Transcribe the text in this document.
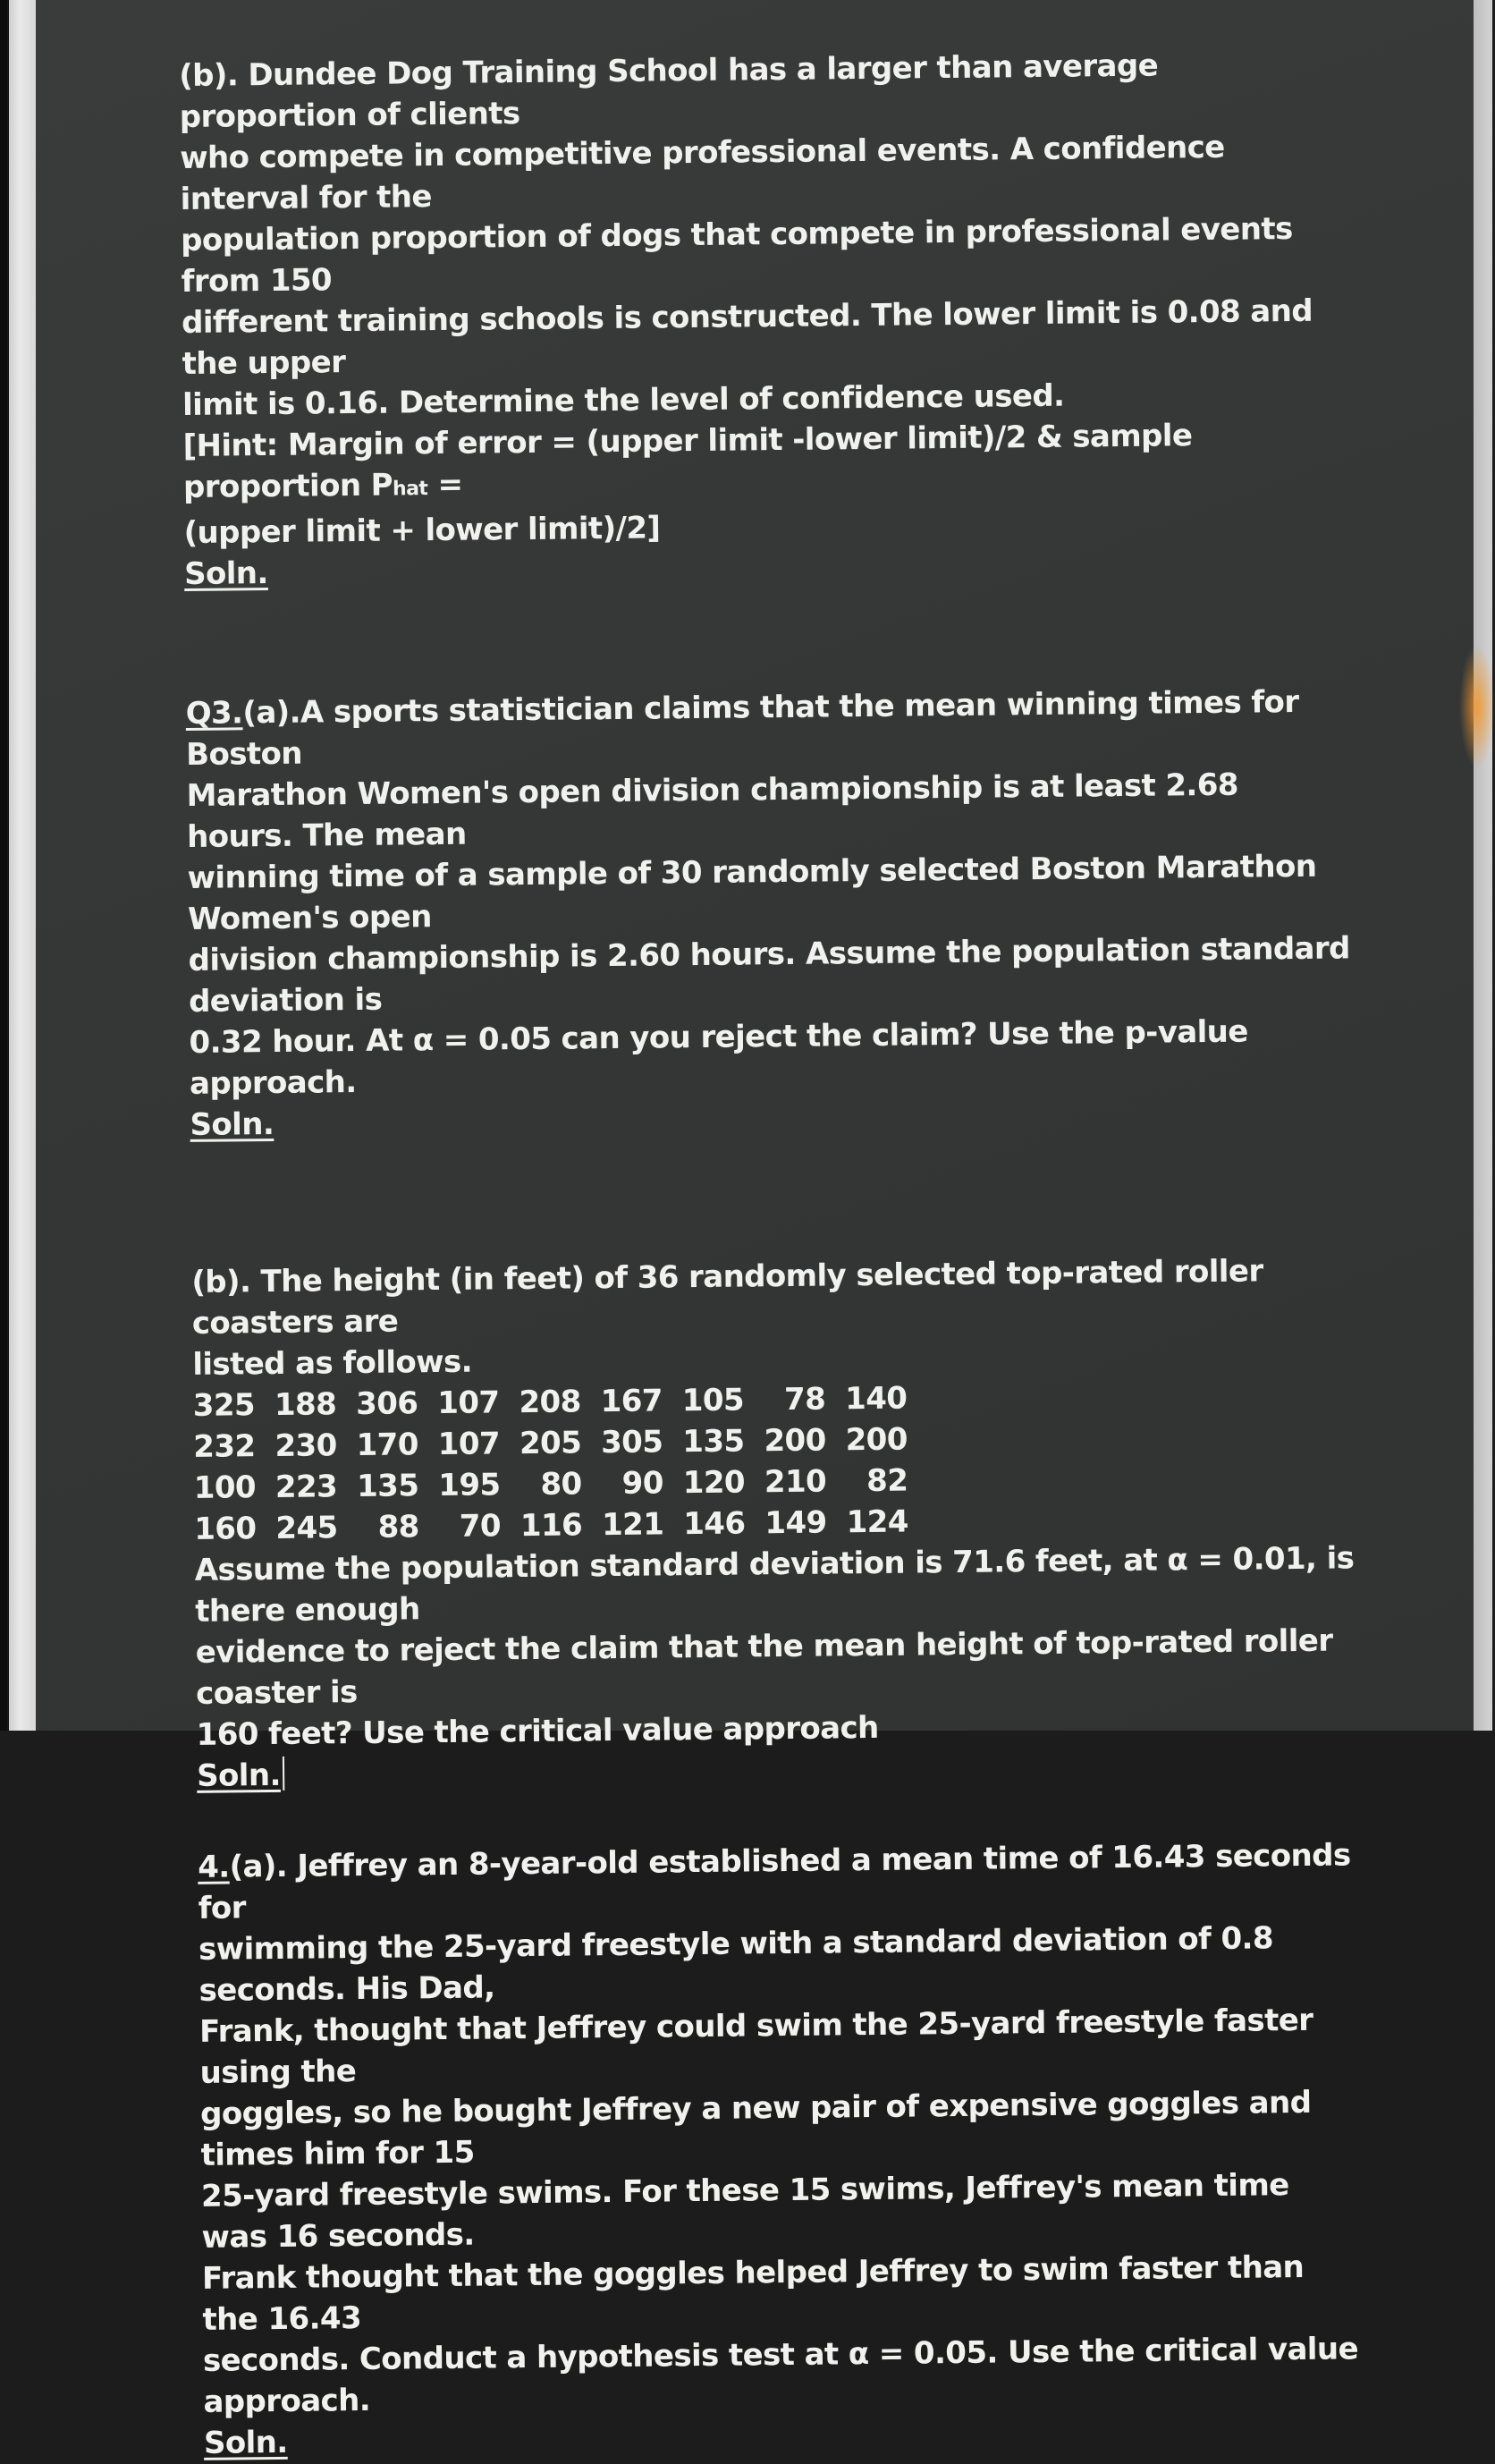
(b). Dundee Dog Training School has a larger than average proportion of clients

who compete in competitive professional events. A confidence interval for the

population proportion of dogs that compete in professional events from 150

different training schools is constructed. The lower limit is 0.08 and the upper

limit is 0.16. Determine the level of confidence used.

[Hint: Margin of error = (upper limit -lower limit)/2 & sample proportion Phat =

(upper limit + lower limit)/2]

Soln.

Q3.(a).A sports statistician claims that the mean winning times for Boston

Marathon Women's open division championship is at least 2.68 hours. The mean

winning time of a sample of 30 randomly selected Boston Marathon Women's open

division championship is 2.60 hours. Assume the population standard deviation is

0.32 hour. At α = 0.05 can you reject the claim? Use the p-value approach.

Soln.

(b). The height (in feet) of 36 randomly selected top-rated roller coasters are

listed as follows.

325	188	306	107	208	167	105	78	140
232	230	170	107	205	305	135	200	200
100	223	135	195	80	90	120	210	82
160	245	88	70	116	121	146	149	124

Assume the population standard deviation is 71.6 feet, at α = 0.01, is there enough

evidence to reject the claim that the mean height of top-rated roller coaster is

160 feet? Use the critical value approach

Soln.

4.(a). Jeffrey an 8-year-old established a mean time of 16.43 seconds for

swimming the 25-yard freestyle with a standard deviation of 0.8 seconds. His Dad,

Frank, thought that Jeffrey could swim the 25-yard freestyle faster using the

goggles, so he bought Jeffrey a new pair of expensive goggles and times him for 15

25-yard freestyle swims. For these 15 swims, Jeffrey's mean time was 16 seconds.

Frank thought that the goggles helped Jeffrey to swim faster than the 16.43

seconds. Conduct a hypothesis test at α = 0.05. Use the critical value approach.

Soln.
